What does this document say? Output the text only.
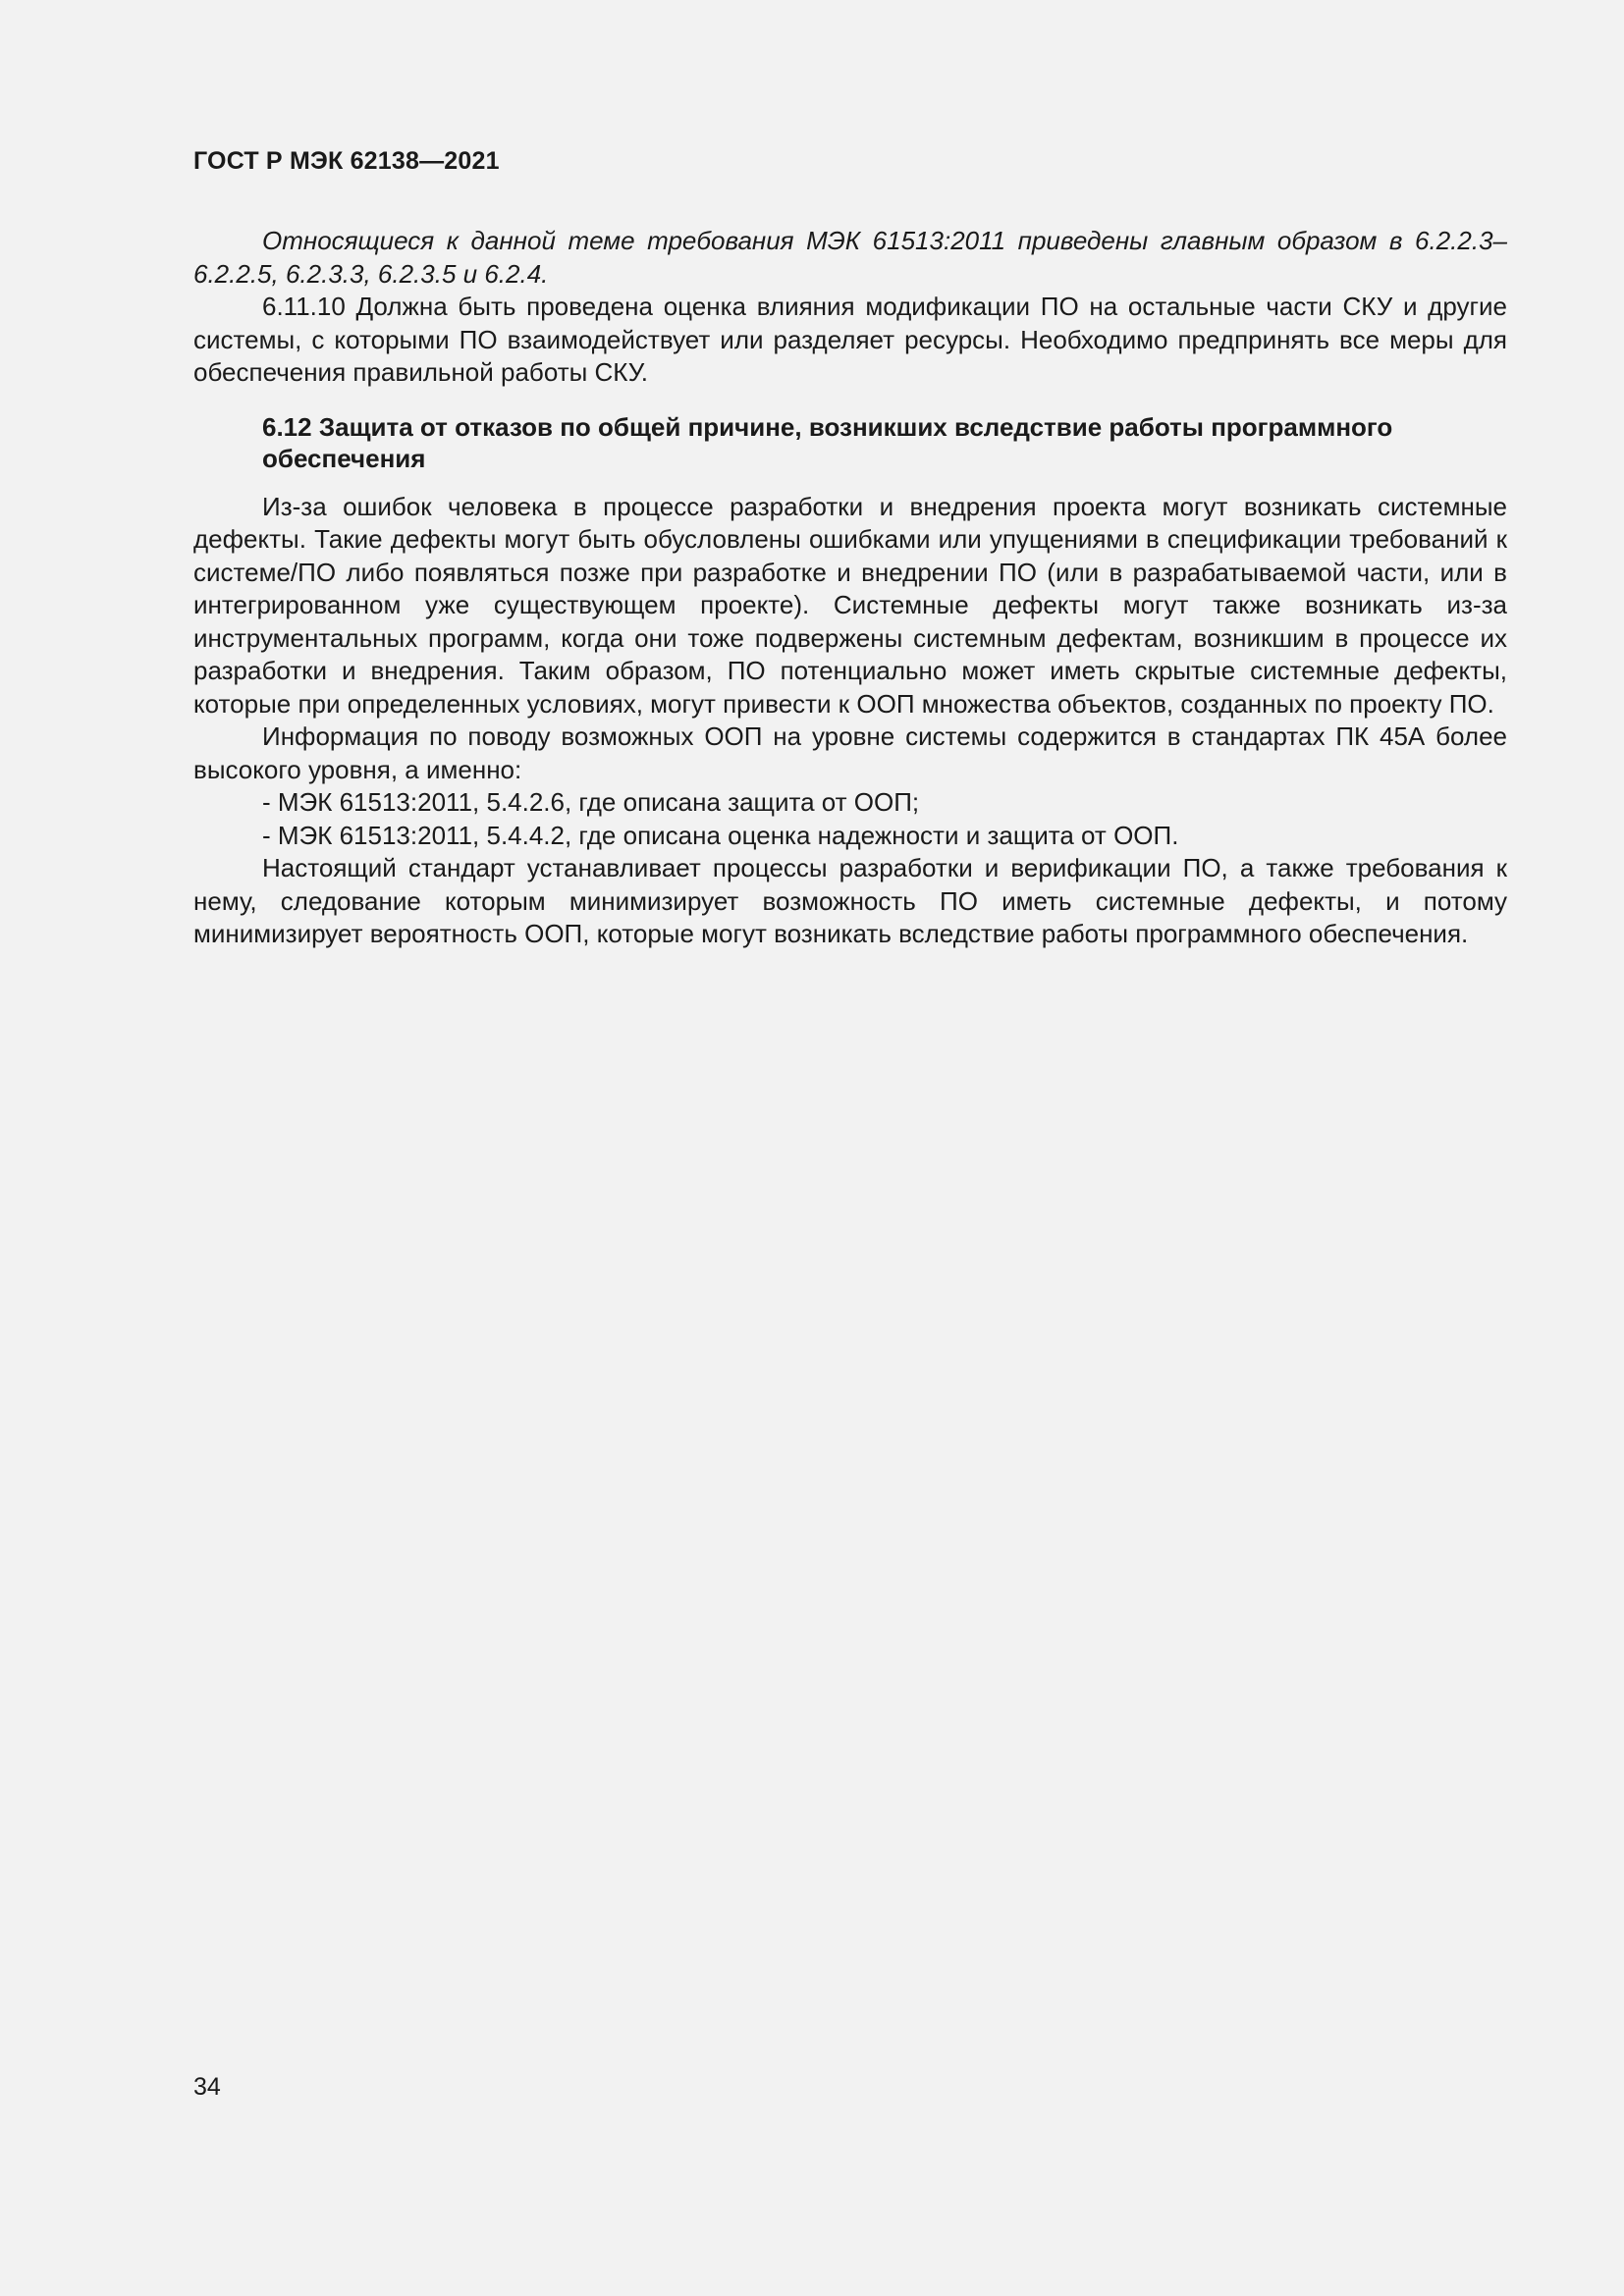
ГОСТ Р МЭК 62138—2021

Относящиеся к данной теме требования МЭК 61513:2011 приведены главным образом в 6.2.2.3–6.2.2.5, 6.2.3.3, 6.2.3.5 и 6.2.4.

6.11.10 Должна быть проведена оценка влияния модификации ПО на остальные части СКУ и другие системы, с которыми ПО взаимодействует или разделяет ресурсы. Необходимо предпринять все меры для обеспечения правильной работы СКУ.

6.12 Защита от отказов по общей причине, возникших вследствие работы программного обеспечения

Из-за ошибок человека в процессе разработки и внедрения проекта могут возникать системные дефекты. Такие дефекты могут быть обусловлены ошибками или упущениями в спецификации требований к системе/ПО либо появляться позже при разработке и внедрении ПО (или в разрабатываемой части, или в интегрированном уже существующем проекте). Системные дефекты могут также возникать из-за инструментальных программ, когда они тоже подвержены системным дефектам, возникшим в процессе их разработки и внедрения. Таким образом, ПО потенциально может иметь скрытые системные дефекты, которые при определенных условиях, могут привести к ООП множества объектов, созданных по проекту ПО.

Информация по поводу возможных ООП на уровне системы содержится в стандартах ПК 45А более высокого уровня, а именно:

- МЭК 61513:2011, 5.4.2.6, где описана защита от ООП;

- МЭК 61513:2011, 5.4.4.2, где описана оценка надежности и защита от ООП.

Настоящий стандарт устанавливает процессы разработки и верификации ПО, а также требования к нему, следование которым минимизирует возможность ПО иметь системные дефекты, и потому минимизирует вероятность ООП, которые могут возникать вследствие работы программного обеспечения.

34
